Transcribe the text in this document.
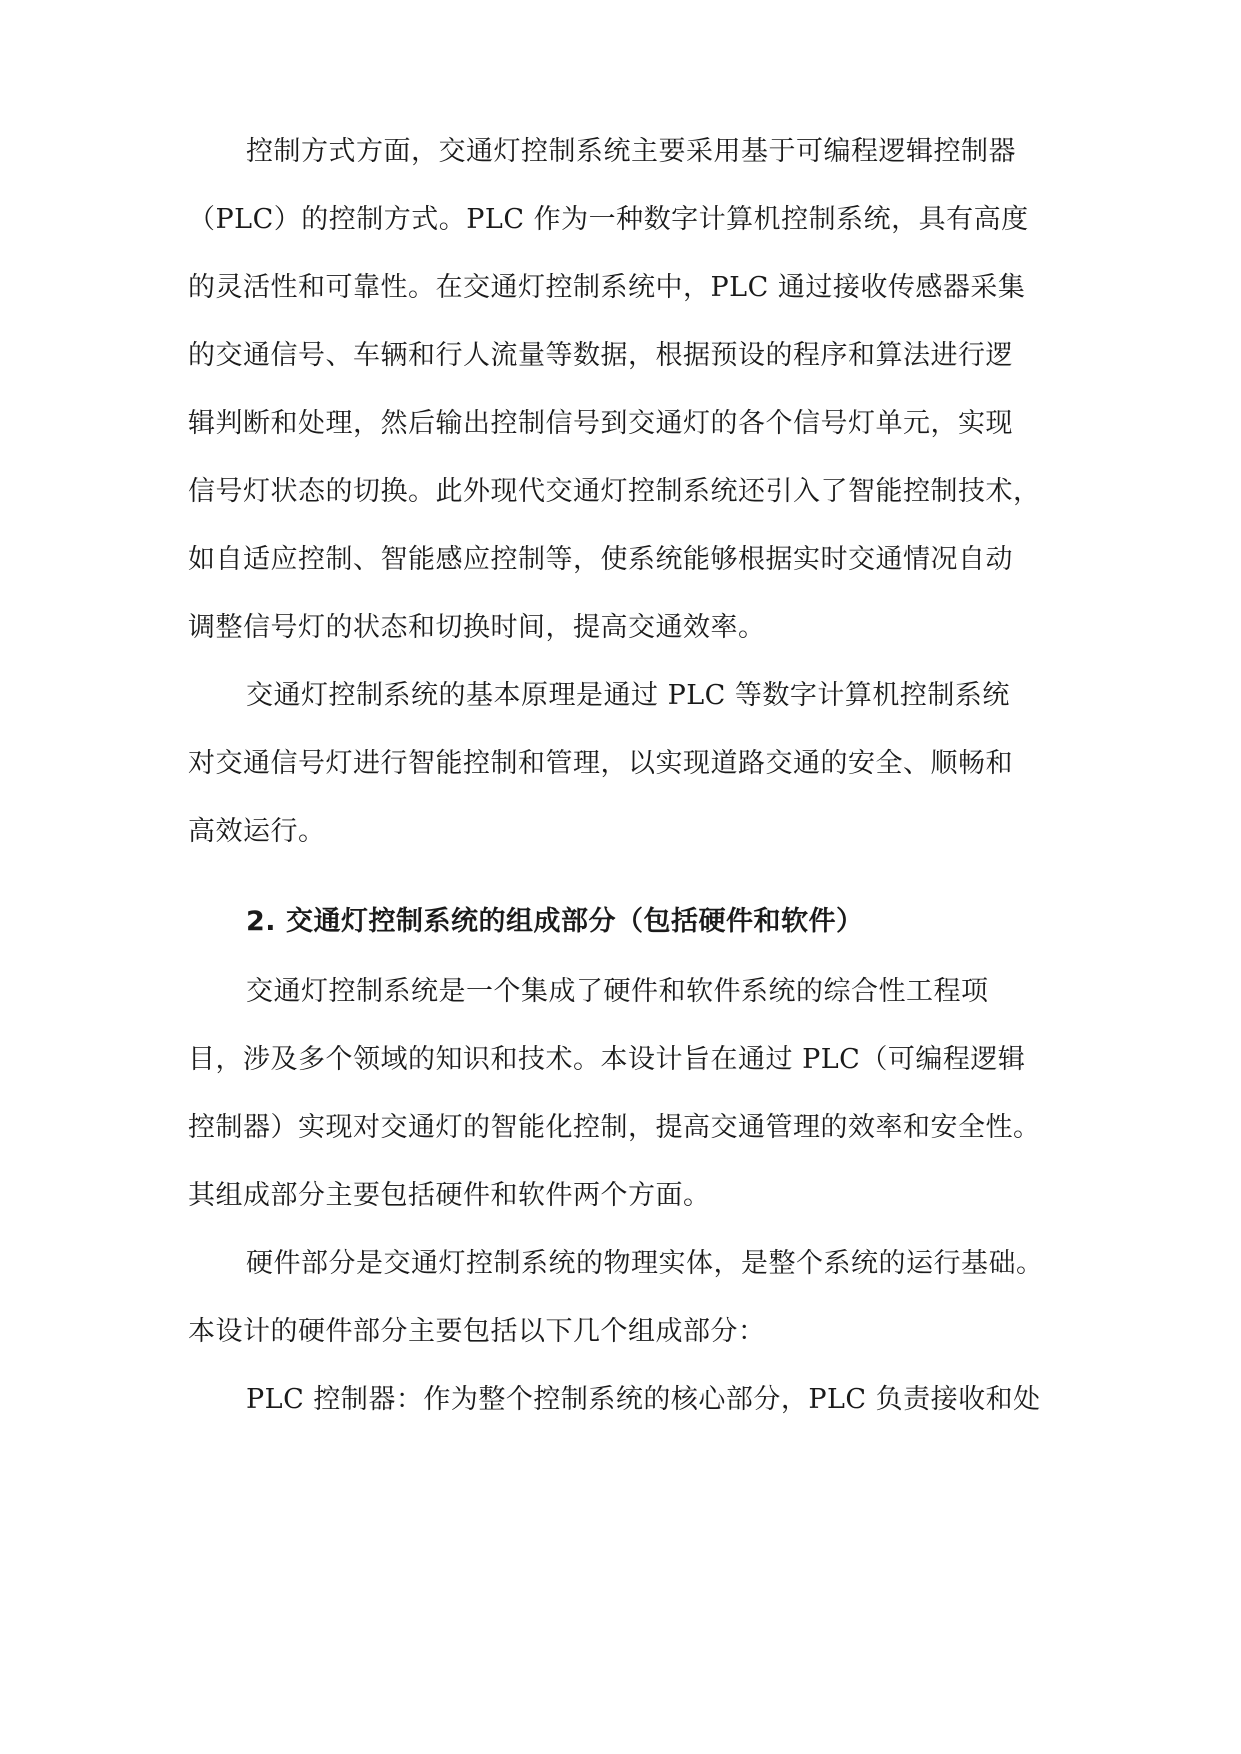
控制方式方面，交通灯控制系统主要采用基于可编程逻辑控制器
（PLC）的控制方式。PLC 作为一种数字计算机控制系统，具有高度
的灵活性和可靠性。在交通灯控制系统中，PLC 通过接收传感器采集
的交通信号、车辆和行人流量等数据，根据预设的程序和算法进行逻
辑判断和处理，然后输出控制信号到交通灯的各个信号灯单元，实现
信号灯状态的切换。此外现代交通灯控制系统还引入了智能控制技术，
如自适应控制、智能感应控制等，使系统能够根据实时交通情况自动
调整信号灯的状态和切换时间，提高交通效率。
交通灯控制系统的基本原理是通过 PLC 等数字计算机控制系统
对交通信号灯进行智能控制和管理，以实现道路交通的安全、顺畅和
高效运行。
2. 交通灯控制系统的组成部分（包括硬件和软件）
交通灯控制系统是一个集成了硬件和软件系统的综合性工程项
目，涉及多个领域的知识和技术。本设计旨在通过 PLC（可编程逻辑
控制器）实现对交通灯的智能化控制，提高交通管理的效率和安全性。
其组成部分主要包括硬件和软件两个方面。
硬件部分是交通灯控制系统的物理实体，是整个系统的运行基础。
本设计的硬件部分主要包括以下几个组成部分：
PLC 控制器：作为整个控制系统的核心部分，PLC 负责接收和处
